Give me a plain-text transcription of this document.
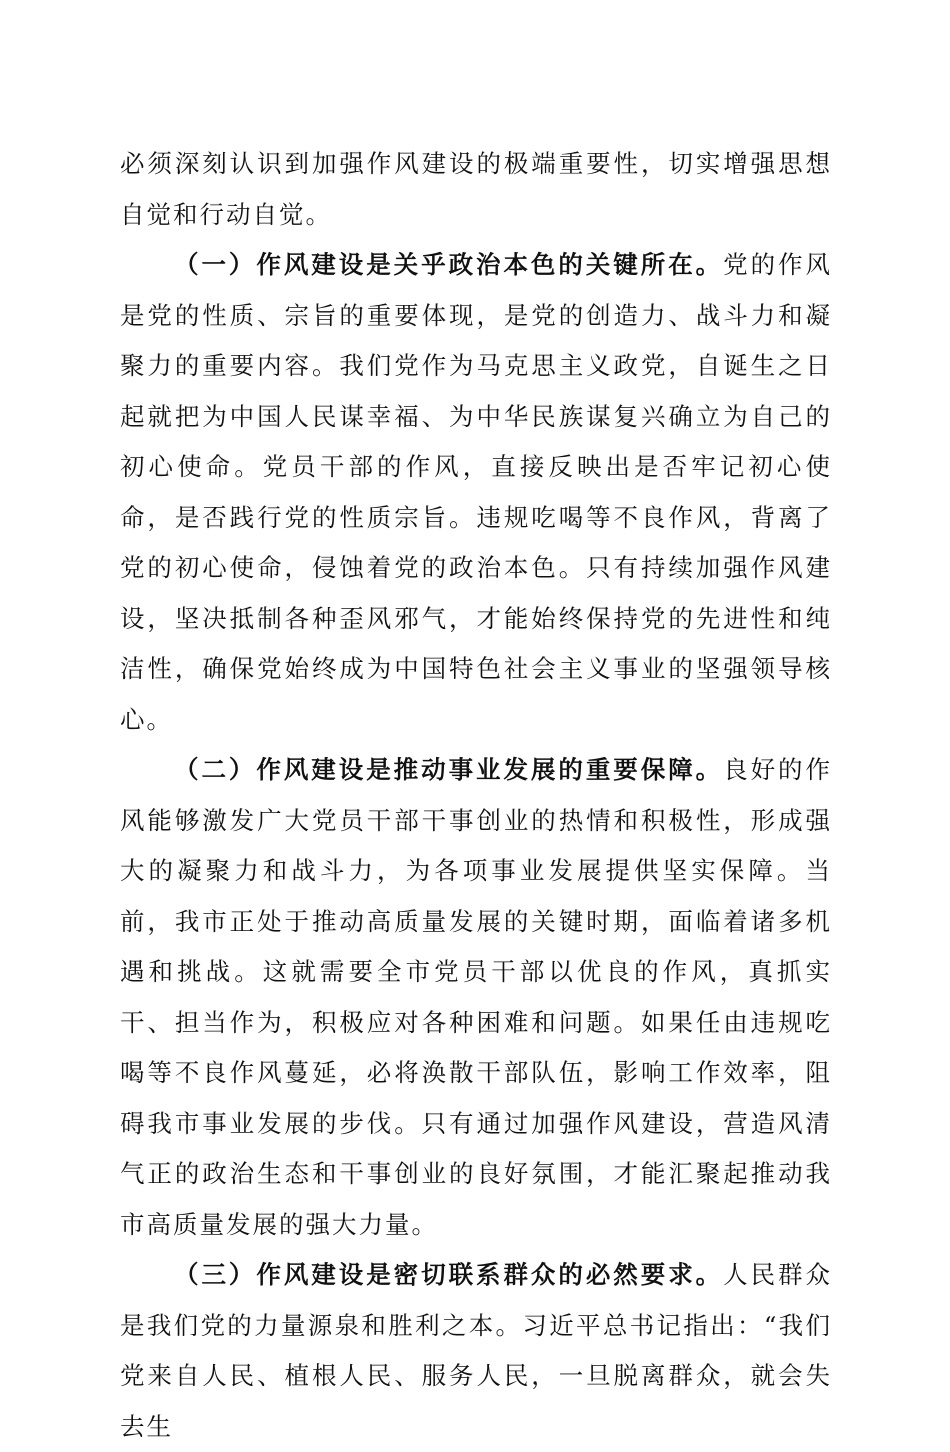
必须深刻认识到加强作风建设的极端重要性，切实增强思想自觉和行动自觉。

（一）作风建设是关乎政治本色的关键所在。党的作风是党的性质、宗旨的重要体现，是党的创造力、战斗力和凝聚力的重要内容。我们党作为马克思主义政党，自诞生之日起就把为中国人民谋幸福、为中华民族谋复兴确立为自己的初心使命。党员干部的作风，直接反映出是否牢记初心使命，是否践行党的性质宗旨。违规吃喝等不良作风，背离了党的初心使命，侵蚀着党的政治本色。只有持续加强作风建设，坚决抵制各种歪风邪气，才能始终保持党的先进性和纯洁性，确保党始终成为中国特色社会主义事业的坚强领导核心。

（二）作风建设是推动事业发展的重要保障。良好的作风能够激发广大党员干部干事创业的热情和积极性，形成强大的凝聚力和战斗力，为各项事业发展提供坚实保障。当前，我市正处于推动高质量发展的关键时期，面临着诸多机遇和挑战。这就需要全市党员干部以优良的作风，真抓实干、担当作为，积极应对各种困难和问题。如果任由违规吃喝等不良作风蔓延，必将涣散干部队伍，影响工作效率，阻碍我市事业发展的步伐。只有通过加强作风建设，营造风清气正的政治生态和干事创业的良好氛围，才能汇聚起推动我市高质量发展的强大力量。

（三）作风建设是密切联系群众的必然要求。人民群众是我们党的力量源泉和胜利之本。习近平总书记指出：“我们党来自人民、植根人民、服务人民，一旦脱离群众，就会失去生
